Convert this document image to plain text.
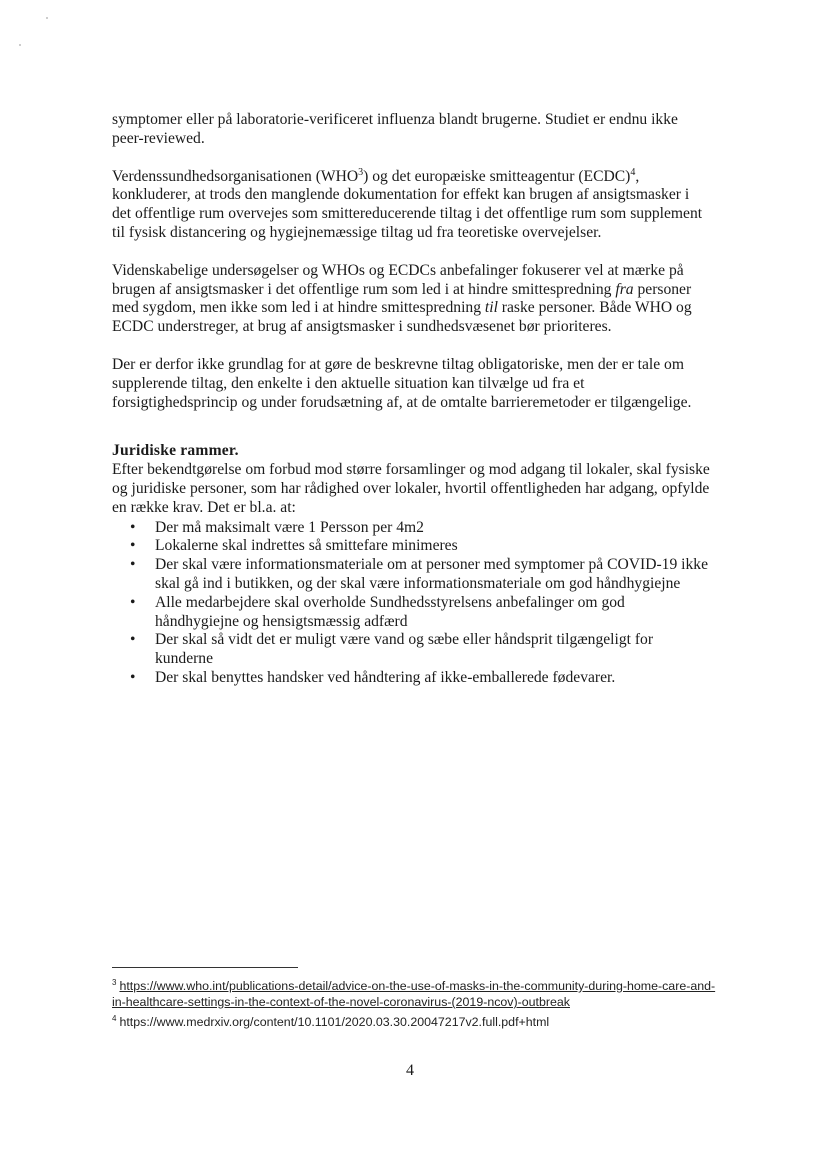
symptomer eller på laboratorie-verificeret influenza blandt brugerne. Studiet er endnu ikke peer-reviewed.

Verdenssundhedsorganisationen (WHO$^3$) og det europæiske smitteagentur (ECDC)$^4$, konkluderer, at trods den manglende dokumentation for effekt kan brugen af ansigtsmasker i det offentlige rum overvejes som smittereducerende tiltag i det offentlige rum som supplement til fysisk distancering og hygiejnemæssige tiltag ud fra teoretiske overvejelser.

Videnskabelige undersøgelser og WHOs og ECDCs anbefalinger fokuserer vel at mærke på brugen af ansigtsmasker i det offentlige rum som led i at hindre smittespredning fra personer med sygdom, men ikke som led i at hindre smittespredning til raske personer. Både WHO og ECDC understreger, at brug af ansigtsmasker i sundhedsvæsenet bør prioriteres.

Der er derfor ikke grundlag for at gøre de beskrevne tiltag obligatoriske, men der er tale om supplerende tiltag, den enkelte i den aktuelle situation kan tilvælge ud fra et forsigtighedsprincip og under forudsætning af, at de omtalte barrieremetoder er tilgængelige.

Juridiske rammer.
Efter bekendtgørelse om forbud mod større forsamlinger og mod adgang til lokaler, skal fysiske og juridiske personer, som har rådighed over lokaler, hvortil offentligheden har adgang, opfylde en række krav. Det er bl.a. at:
• Der må maksimalt være 1 Persson per 4m2
• Lokalerne skal indrettes så smittefare minimeres
• Der skal være informationsmateriale om at personer med symptomer på COVID-19 ikke skal gå ind i butikken, og der skal være informationsmateriale om god håndhygiejne
• Alle medarbejdere skal overholde Sundhedsstyrelsens anbefalinger om god håndhygiejne og hensigtsmæssig adfærd
• Der skal så vidt det er muligt være vand og sæbe eller håndsprit tilgængeligt for kunderne
• Der skal benyttes handsker ved håndtering af ikke-emballerede fødevarer.
$^3$ https://www.who.int/publications-detail/advice-on-the-use-of-masks-in-the-community-during-home-care-and-in-healthcare-settings-in-the-context-of-the-novel-coronavirus-(2019-ncov)-outbreak
$^4$ https://www.medrxiv.org/content/10.1101/2020.03.30.20047217v2.full.pdf+html
4
